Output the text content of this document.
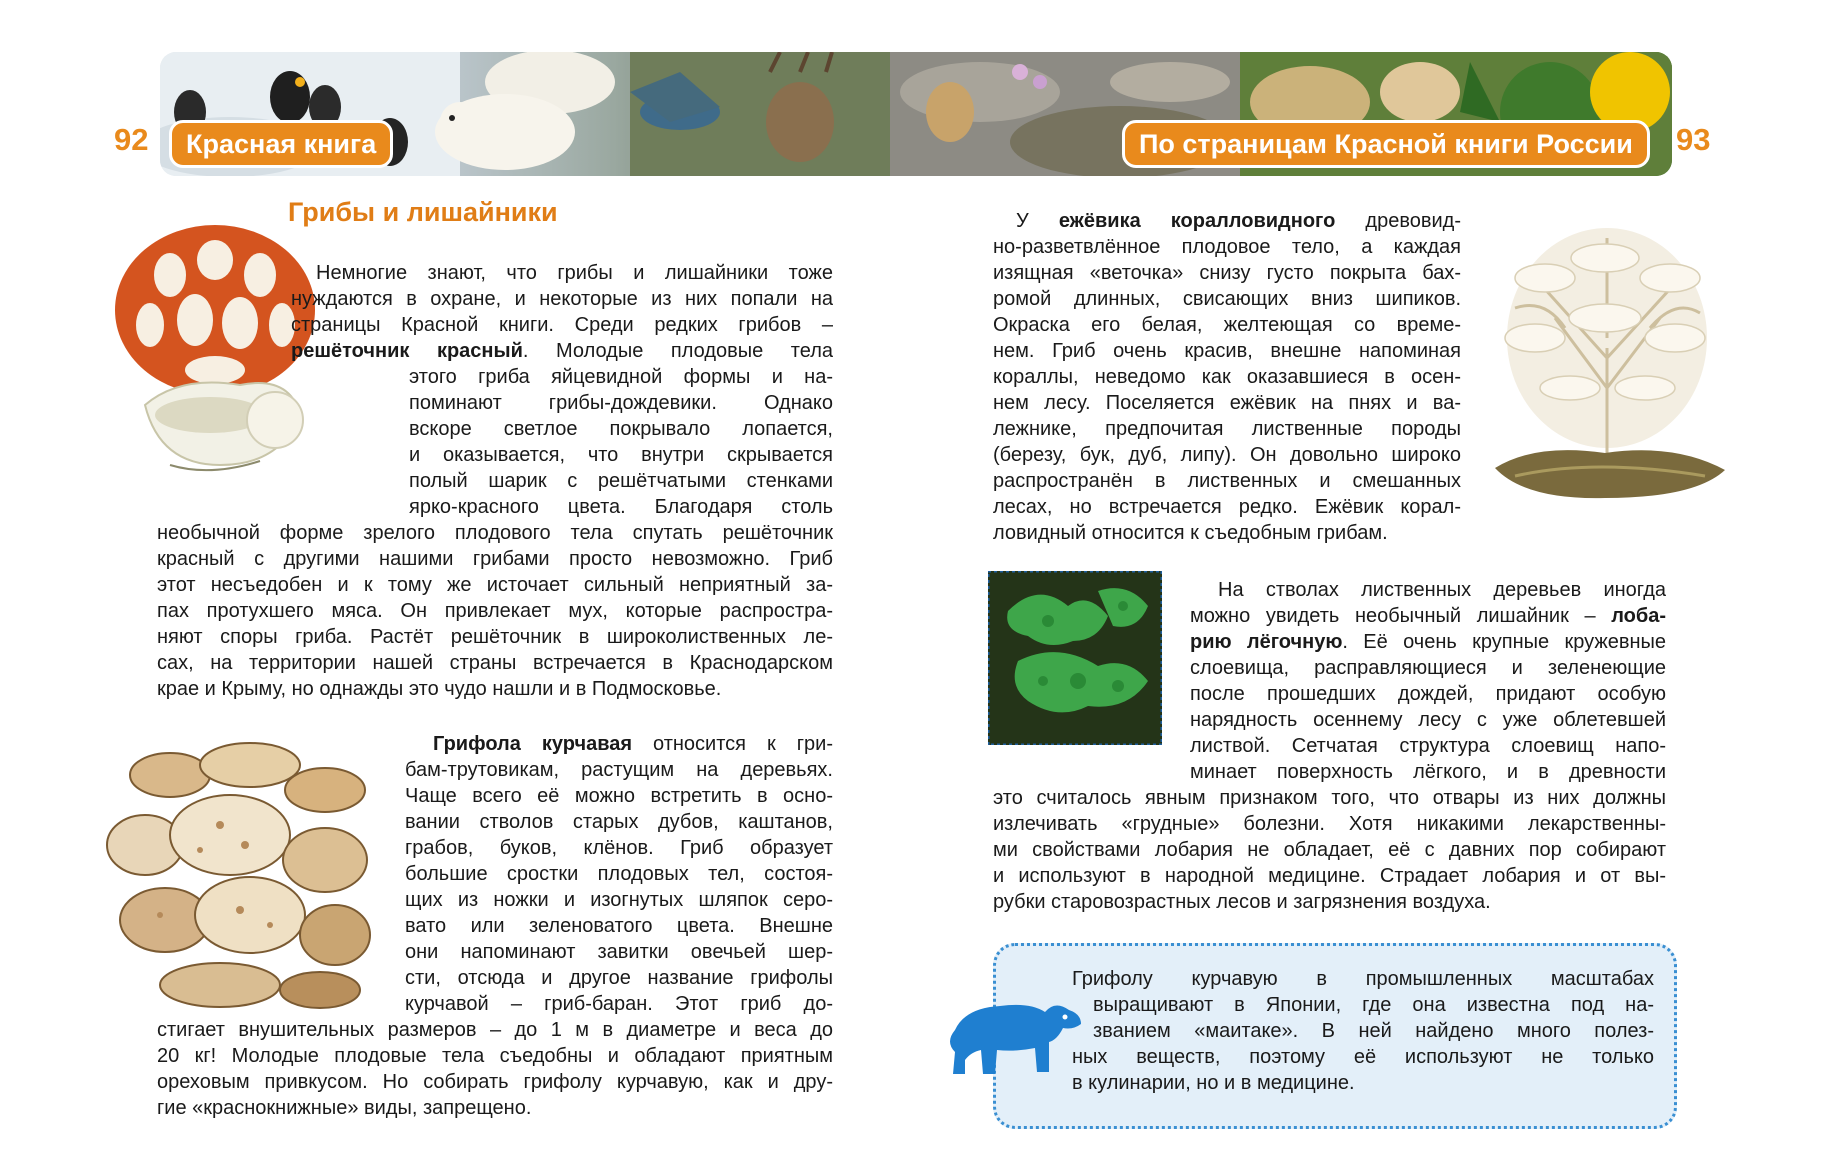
92	93
Красная книга	По страницам Красной книги России
Грибы и лишайники
Немногие знают, что грибы и лишайники тоже
нуждаются в охране, и некоторые из них попали на
страницы Красной книги. Среди редких грибов –
решёточник красный. Молодые плодовые тела
этого гриба яйцевидной формы и на-
поминают грибы-дождевики. Однако
вскоре светлое покрывало лопается,
и оказывается, что внутри скрывается
полый шарик с решётчатыми стенками
ярко-красного цвета. Благодаря столь
необычной форме зрелого плодового тела спутать решёточник
красный с другими нашими грибами просто невозможно. Гриб
этот несъедобен и к тому же источает сильный неприятный за-
пах протухшего мяса. Он привлекает мух, которые распростра-
няют споры гриба. Растёт решёточник в широколиственных ле-
сах, на территории нашей страны встречается в Краснодарском
крае и Крыму, но однажды это чудо нашли и в Подмосковье.
Грифола курчавая относится к гри-
бам-трутовикам, растущим на деревьях.
Чаще всего её можно встретить в осно-
вании стволов старых дубов, каштанов,
грабов, буков, клёнов. Гриб образует
большие сростки плодовых тел, состоя-
щих из ножки и изогнутых шляпок серо-
вато или зеленоватого цвета. Внешне
они напоминают завитки овечьей шер-
сти, отсюда и другое название грифолы
курчавой – гриб-баран. Этот гриб до-
стигает внушительных размеров – до 1 м в диаметре и веса до
20 кг! Молодые плодовые тела съедобны и обладают приятным
ореховым привкусом. Но собирать грифолу курчавую, как и дру-
гие «краснокнижные» виды, запрещено.
У ежёвика коралловидного древовид-
но-разветвлённое плодовое тело, а каждая
изящная «веточка» снизу густо покрыта бах-
ромой длинных, свисающих вниз шипиков.
Окраска его белая, желтеющая со време-
нем. Гриб очень красив, внешне напоминая
кораллы, неведомо как оказавшиеся в осен-
нем лесу. Поселяется ежёвик на пнях и ва-
лежнике, предпочитая лиственные породы
(березу, бук, дуб, липу). Он довольно широко
распространён в лиственных и смешанных
лесах, но встречается редко. Ежёвик корал-
ловидный относится к съедобным грибам.
На стволах лиственных деревьев иногда
можно увидеть необычный лишайник – лоба-
рию лёгочную. Её очень крупные кружевные
слоевища, расправляющиеся и зеленеющие
после прошедших дождей, придают особую
нарядность осеннему лесу с уже облетевшей
листвой. Сетчатая структура слоевищ напо-
минает поверхность лёгкого, и в древности
это считалось явным признаком того, что отвары из них должны
излечивать «грудные» болезни. Хотя никакими лекарственны-
ми свойствами лобария не обладает, её с давних пор собирают
и используют в народной медицине. Страдает лобария и от вы-
рубки старовозрастных лесов и загрязнения воздуха.
Грифолу курчавую в промышленных масштабах
выращивают в Японии, где она известна под на-
званием «маитаке». В ней найдено много полез-
ных веществ, поэтому её используют не только
в кулинарии, но и в медицине.
